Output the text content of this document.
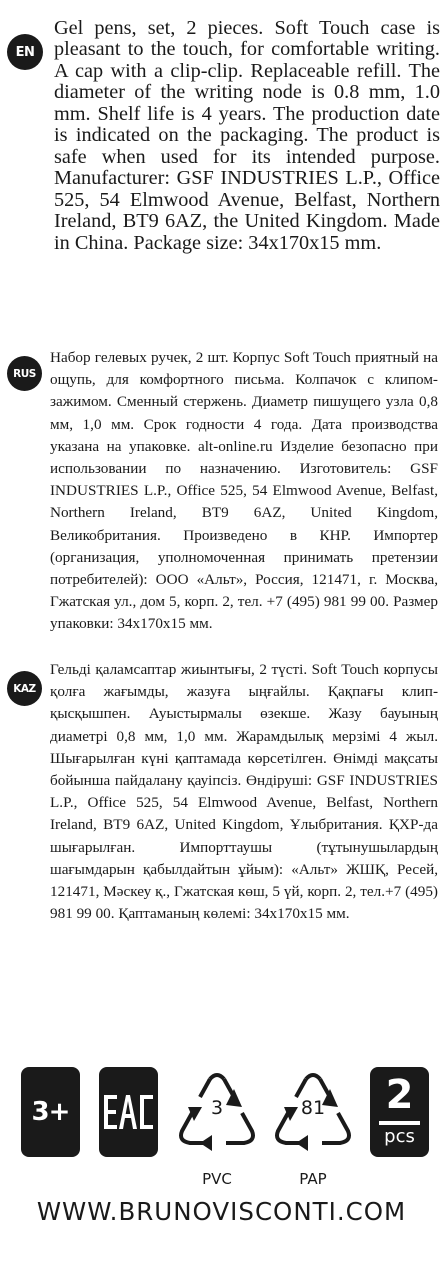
EN

Gel pens, set, 2 pieces. Soft Touch case is pleasant to the touch, for comfortable writing. A cap with a clip-clip. Replaceable refill. The diameter of the writing node is 0.8 mm, 1.0 mm. Shelf life is 4 years. The production date is indicated on the packaging. The product is safe when used for its intended purpose. Manufacturer: GSF INDUSTRIES L.P., Office 525, 54 Elmwood Avenue, Belfast, Northern Ireland, BT9 6AZ, the United Kingdom. Made in China. Package size: 34x170x15 mm.

RUS

Набор гелевых ручек, 2 шт. Корпус Soft Touch приятный на ощупь, для комфортного письма. Колпачок с клипом-зажимом. Сменный стержень. Диаметр пишущего узла 0,8 мм, 1,0 мм. Срок годности 4 года. Дата производства указана на упаковке. alt-online.ru Изделие безопасно при использовании по назначению. Изготовитель: GSF INDUSTRIES L.P., Office 525, 54 Elmwood Avenue, Belfast, Northern Ireland, BT9 6AZ, United Kingdom, Великобритания. Произведено в КНР. Импортер (организация, уполномоченная принимать претензии потребителей): ООО «Альт», Россия, 121471, г. Москва, Гжатская ул., дом 5, корп. 2, тел. +7 (495) 981 99 00. Размер упаковки: 34х170х15 мм.

KAZ

Гельді қаламсаптар жиынтығы, 2 түсті. Soft Touch корпусы қолға жағымды, жазуға ыңғайлы. Қақпағы клип-қысқышпен. Ауыстырмалы өзекше. Жазу бауының диаметрі 0,8 мм, 1,0 мм. Жарамдылық мерзімі 4 жыл. Шығарылған күні қаптамада көрсетілген. Өнімді мақсаты бойынша пайдалану қауіпсіз. Өндіруші: GSF INDUSTRIES L.P., Office 525, 54 Elmwood Avenue, Belfast, Northern Ireland, BT9 6AZ, United Kingdom, Ұлыбритания. ҚХР-да шығарылған. Импорттаушы (тұтынушылардың шағымдарын қабылдайтын ұйым): «Альт» ЖШҚ, Ресей, 121471, Мәскеу қ., Гжатская көш, 5 үй, корп. 2, тел.+7 (495) 981 99 00. Қаптаманың көлемі: 34х170х15 мм.

3+	3
PVC
81
PAP
2
pcs
WWW.BRUNOVISCONTI.COM
